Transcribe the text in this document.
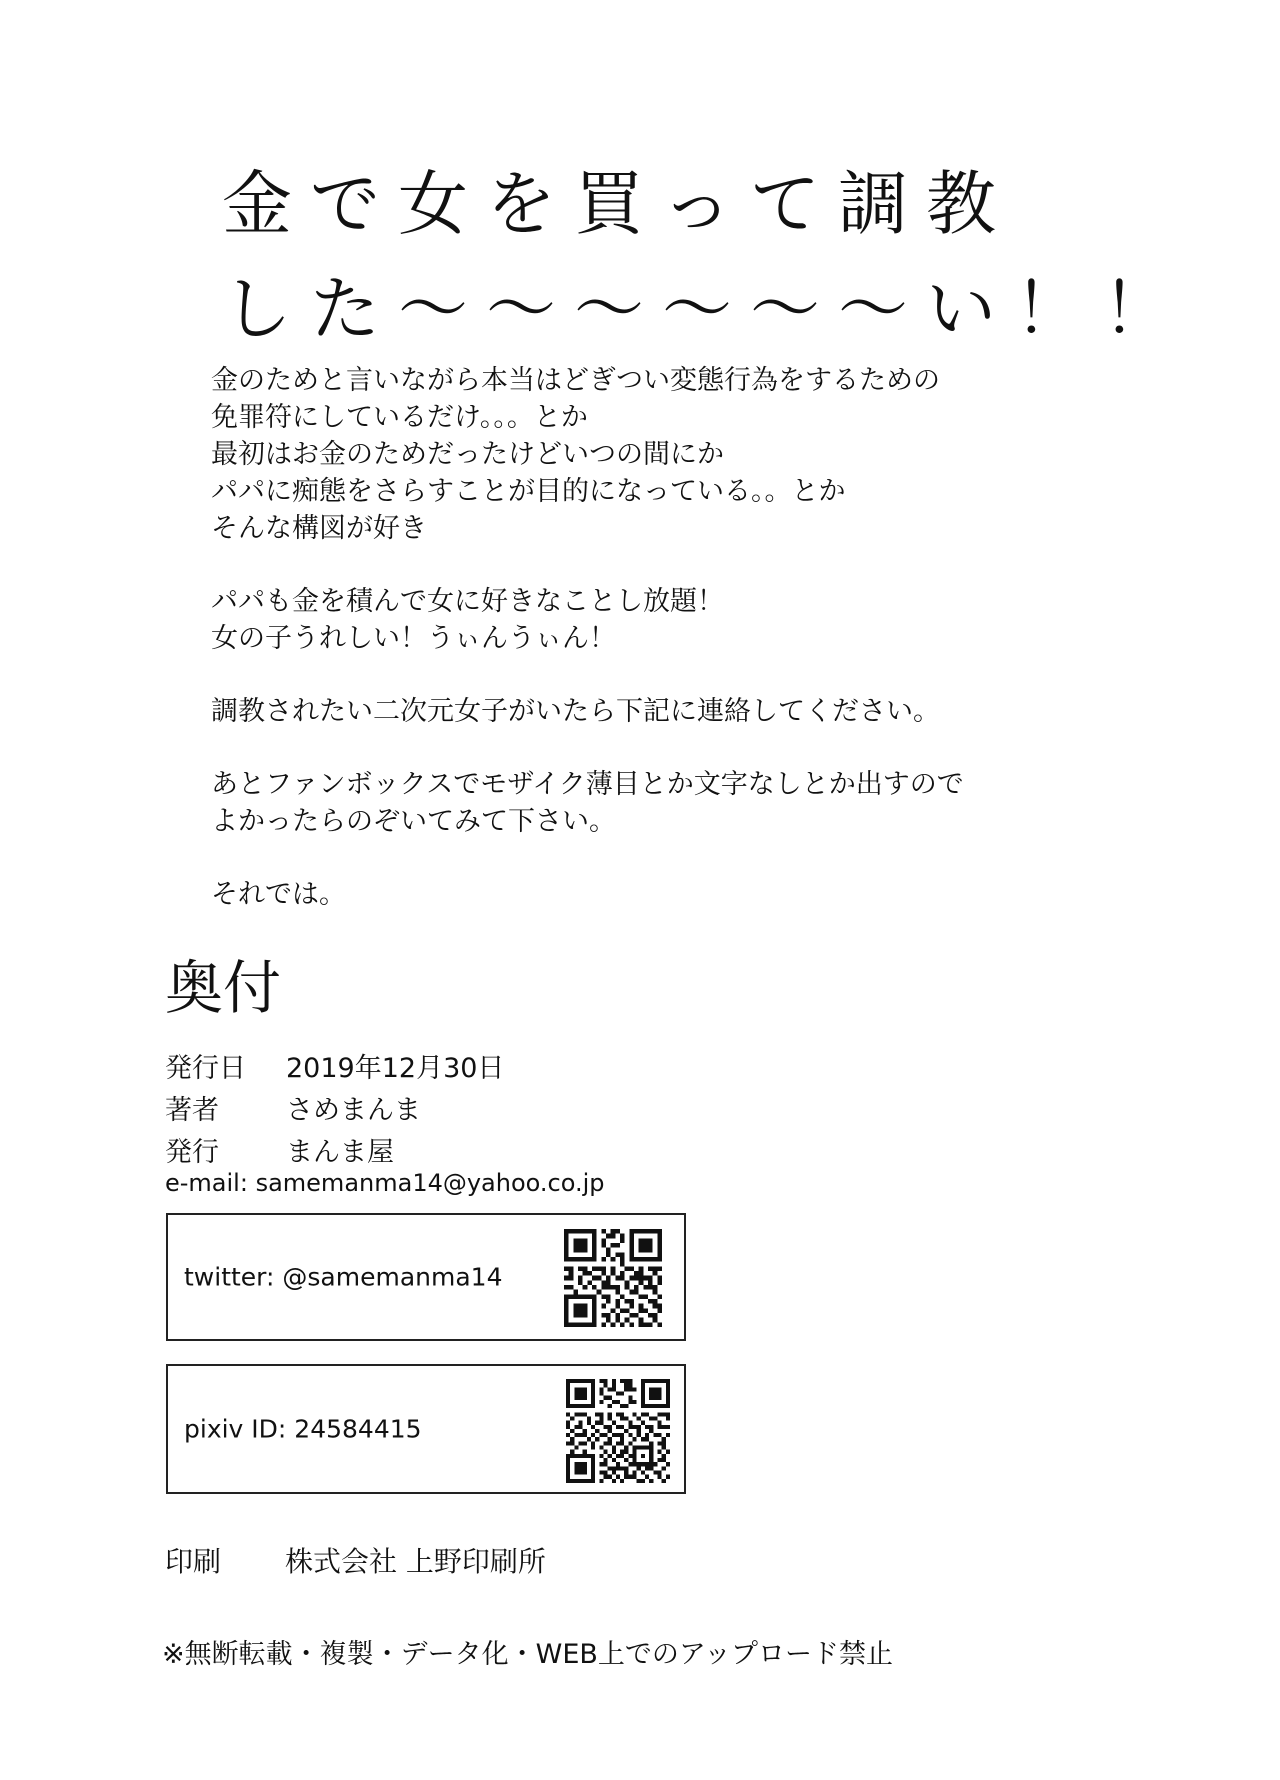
金で女を買って調教
した〜〜〜〜〜〜い！！

金のためと言いながら本当はどぎつい変態行為をするための
免罪符にしているだけ。。。とか
最初はお金のためだったけどいつの間にか
パパに痴態をさらすことが目的になっている。。とか
そんな構図が好き

パパも金を積んで女に好きなことし放題！
女の子うれしい！うぃんうぃん！

調教されたい二次元女子がいたら下記に連絡してください。

あとファンボックスでモザイク薄目とか文字なしとか出すので
よかったらのぞいてみて下さい。

それでは。

奥付
発行日	2019年12月30日
著者	さめまんま
発行	まんま屋
e-mail: samemanma14@yahoo.co.jp
twitter: @samemanma14
pixiv ID: 24584415
印刷	株式会社 上野印刷所
※無断転載・複製・データ化・WEB上でのアップロード禁止
